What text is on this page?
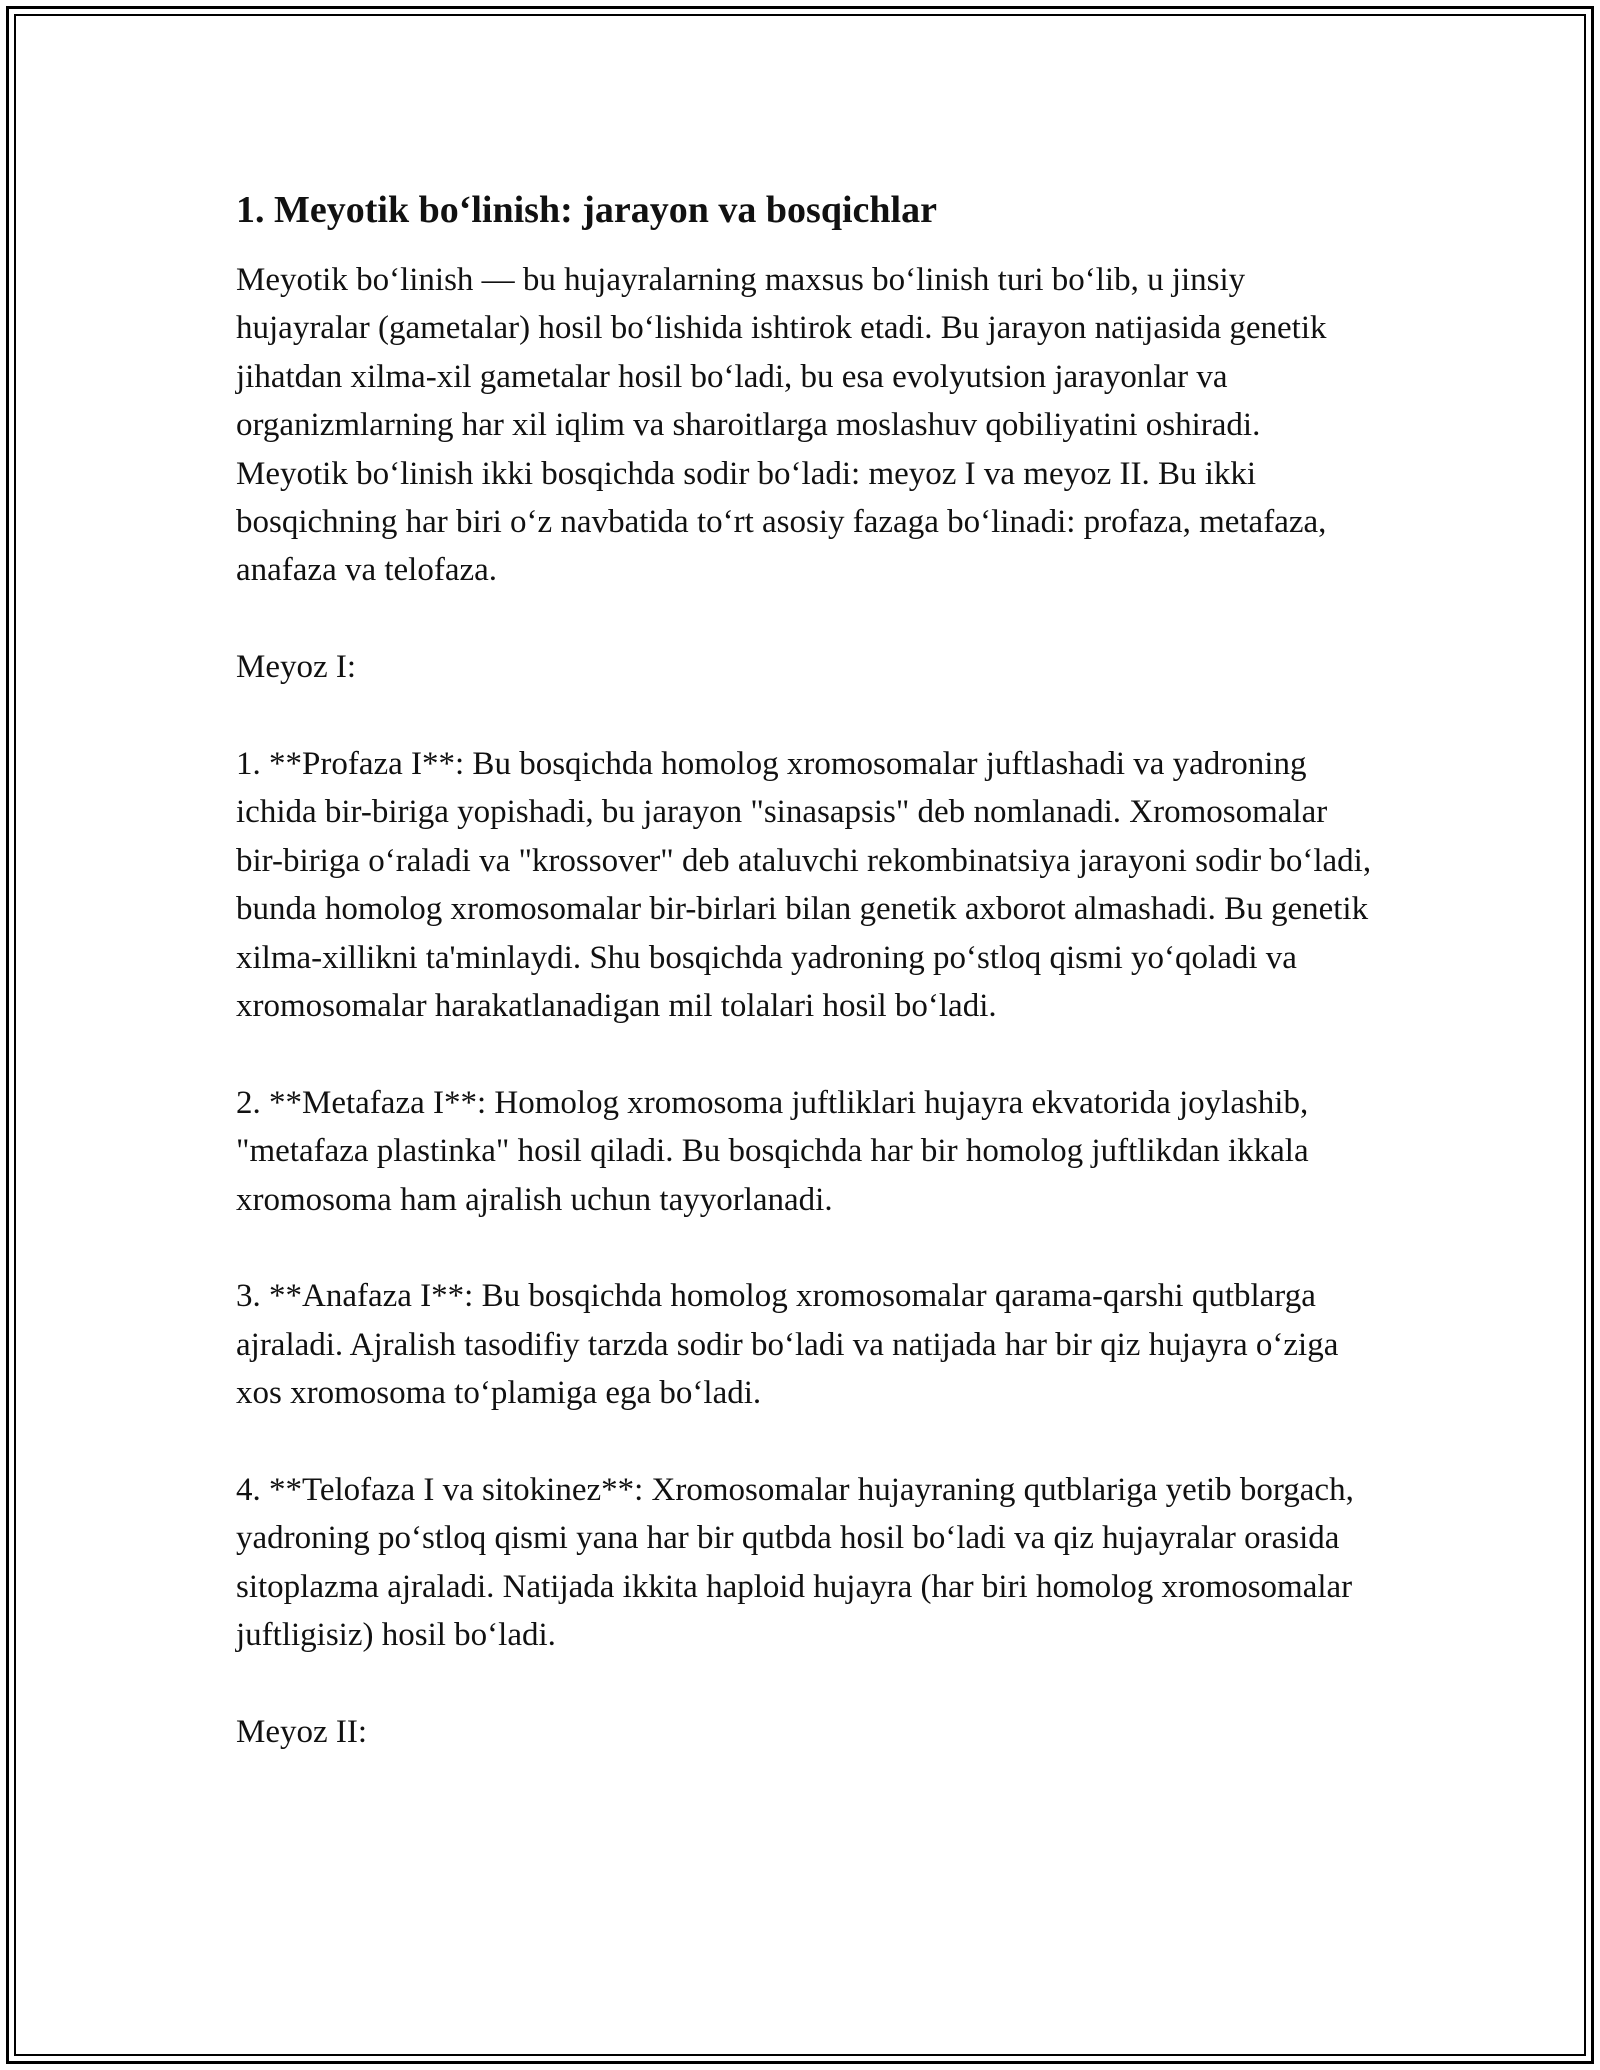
1. Meyotik bo‘linish: jarayon va bosqichlar

Meyotik bo‘linish — bu hujayralarning maxsus bo‘linish turi bo‘lib, u jinsiy hujayralar (gametalar) hosil bo‘lishida ishtirok etadi. Bu jarayon natijasida genetik jihatdan xilma-xil gametalar hosil bo‘ladi, bu esa evolyutsion jarayonlar va organizmlarning har xil iqlim va sharoitlarga moslashuv qobiliyatini oshiradi. Meyotik bo‘linish ikki bosqichda sodir bo‘ladi: meyoz I va meyoz II. Bu ikki bosqichning har biri o‘z navbatida to‘rt asosiy fazaga bo‘linadi: profaza, metafaza, anafaza va telofaza.

Meyoz I:

1. **Profaza I**: Bu bosqichda homolog xromosomalar juftlashadi va yadroning ichida bir-biriga yopishadi, bu jarayon "sinasapsis" deb nomlanadi. Xromosomalar bir-biriga o‘raladi va "krossover" deb ataluvchi rekombinatsiya jarayoni sodir bo‘ladi, bunda homolog xromosomalar bir-birlari bilan genetik axborot almashadi. Bu genetik xilma-xillikni ta'minlaydi. Shu bosqichda yadroning po‘stloq qismi yo‘qoladi va xromosomalar harakatlanadigan mil tolalari hosil bo‘ladi.

2. **Metafaza I**: Homolog xromosoma juftliklari hujayra ekvatorida joylashib, "metafaza plastinka" hosil qiladi. Bu bosqichda har bir homolog juftlikdan ikkala xromosoma ham ajralish uchun tayyorlanadi.

3. **Anafaza I**: Bu bosqichda homolog xromosomalar qarama-qarshi qutblarga ajraladi. Ajralish tasodifiy tarzda sodir bo‘ladi va natijada har bir qiz hujayra o‘ziga xos xromosoma to‘plamiga ega bo‘ladi.

4. **Telofaza I va sitokinez**: Xromosomalar hujayraning qutblariga yetib borgach, yadroning po‘stloq qismi yana har bir qutbda hosil bo‘ladi va qiz hujayralar orasida sitoplazma ajraladi. Natijada ikkita haploid hujayra (har biri homolog xromosomalar juftligisiz) hosil bo‘ladi.

Meyoz II:
